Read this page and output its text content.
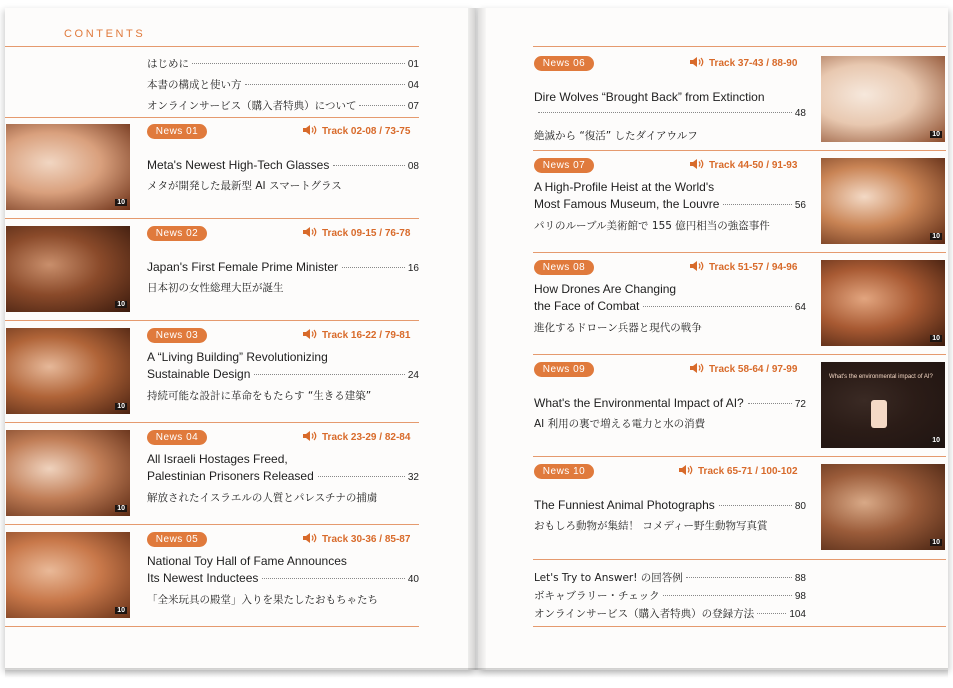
CONTENTS
はじめに	01
本書の構成と使い方	04
オンラインサービス（購入者特典）について	07
10
News 01	Track 02-08 / 73-75
Meta's Newest High-Tech Glasses	08
メタが開発した最新型 AI スマートグラス
10
News 02	Track 09-15 / 76-78
Japan's First Female Prime Minister	16
日本初の女性総理大臣が誕生
10
News 03	Track 16-22 / 79-81
A “Living Building” Revolutionizing
Sustainable Design	24
持続可能な設計に革命をもたらす “生きる建築”
10
News 04	Track 23-29 / 82-84
All Israeli Hostages Freed,
Palestinian Prisoners Released	32
解放されたイスラエルの人質とパレスチナの捕虜
10
News 05	Track 30-36 / 85-87
National Toy Hall of Fame Announces
Its Newest Inductees	40
「全米玩具の殿堂」入りを果たしたおもちゃたち
10
News 06	Track 37-43 / 88-90
Dire Wolves “Brought Back” from Extinction
48
絶滅から “復活” したダイアウルフ
10
News 07	Track 44-50 / 91-93
A High-Profile Heist at the World's
Most Famous Museum, the Louvre	56
パリのルーブル美術館で 155 億円相当の強盗事件
10
News 08	Track 51-57 / 94-96
How Drones Are Changing
the Face of Combat	64
進化するドローン兵器と現代の戦争
What's the environmental impact of AI?
10
News 09	Track 58-64 / 97-99
What's the Environmental Impact of AI?	72
AI 利用の裏で増える電力と水の消費
10
News 10	Track 65-71 / 100-102
The Funniest Animal Photographs	80
おもしろ動物が集結！ コメディー野生動物写真賞
Let's Try to Answer! の回答例	88
ボキャブラリー・チェック	98
オンラインサービス（購入者特典）の登録方法	104
